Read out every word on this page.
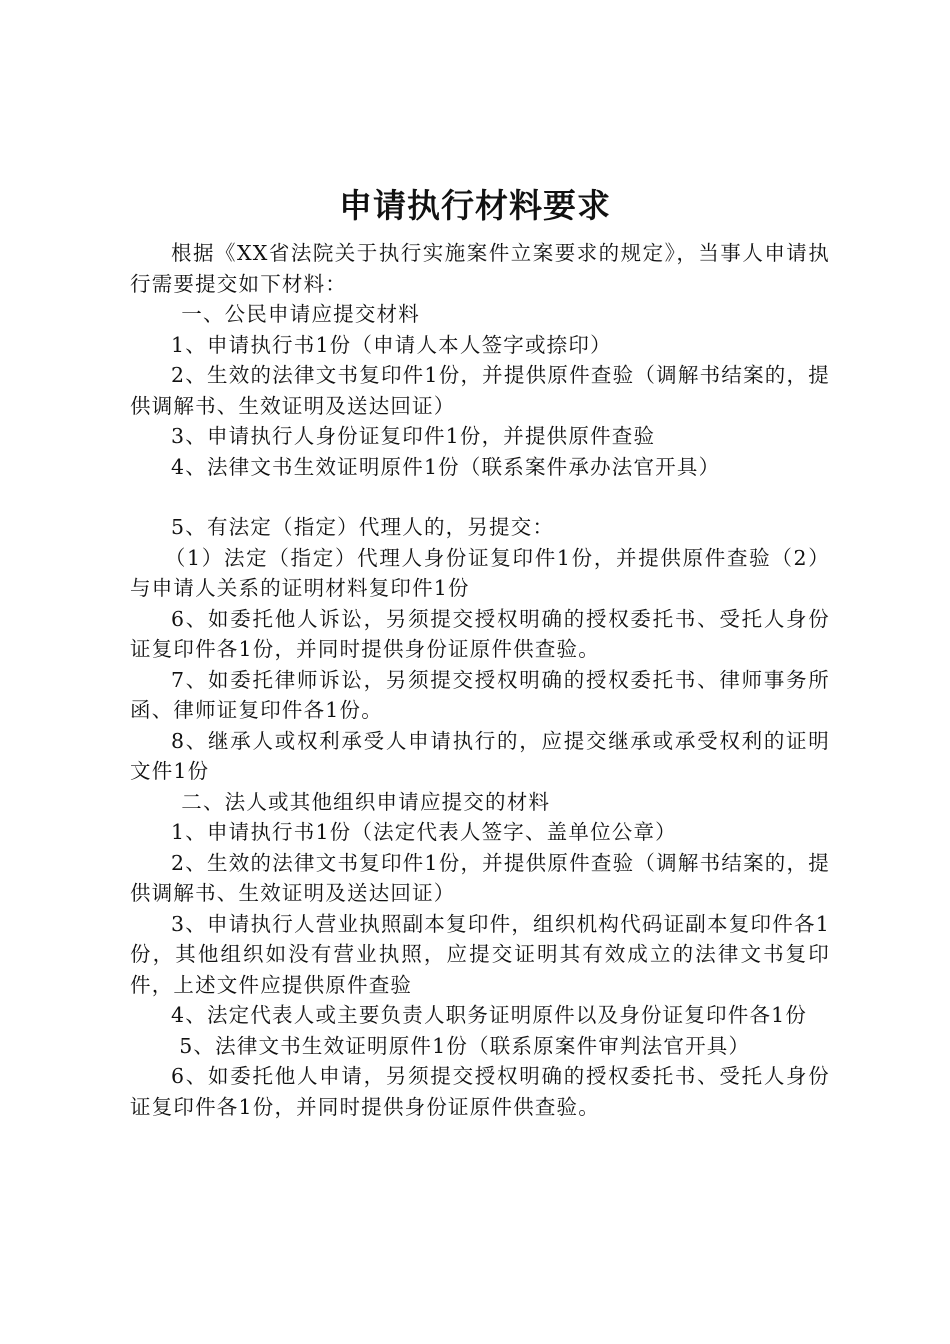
申请执行材料要求

根据《XX省法院关于执行实施案件立案要求的规定》，当事人申请执行需要提交如下材料：

一、公民申请应提交材料

1、申请执行书1份（申请人本人签字或捺印）

2、生效的法律文书复印件1份，并提供原件查验（调解书结案的，提供调解书、生效证明及送达回证）

3、申请执行人身份证复印件1份，并提供原件查验

4、法律文书生效证明原件1份（联系案件承办法官开具）

5、有法定（指定）代理人的，另提交：

（1）法定（指定）代理人身份证复印件1份，并提供原件查验（2）与申请人关系的证明材料复印件1份

6、如委托他人诉讼，另须提交授权明确的授权委托书、受托人身份证复印件各1份，并同时提供身份证原件供查验。

7、如委托律师诉讼，另须提交授权明确的授权委托书、律师事务所函、律师证复印件各1份。

8、继承人或权利承受人申请执行的，应提交继承或承受权利的证明文件1份

二、法人或其他组织申请应提交的材料

1、申请执行书1份（法定代表人签字、盖单位公章）

2、生效的法律文书复印件1份，并提供原件查验（调解书结案的，提供调解书、生效证明及送达回证）

3、申请执行人营业执照副本复印件，组织机构代码证副本复印件各1份，其他组织如没有营业执照，应提交证明其有效成立的法律文书复印件，上述文件应提供原件查验

4、法定代表人或主要负责人职务证明原件以及身份证复印件各1份

5、法律文书生效证明原件1份（联系原案件审判法官开具）

6、如委托他人申请，另须提交授权明确的授权委托书、受托人身份证复印件各1份，并同时提供身份证原件供查验。
